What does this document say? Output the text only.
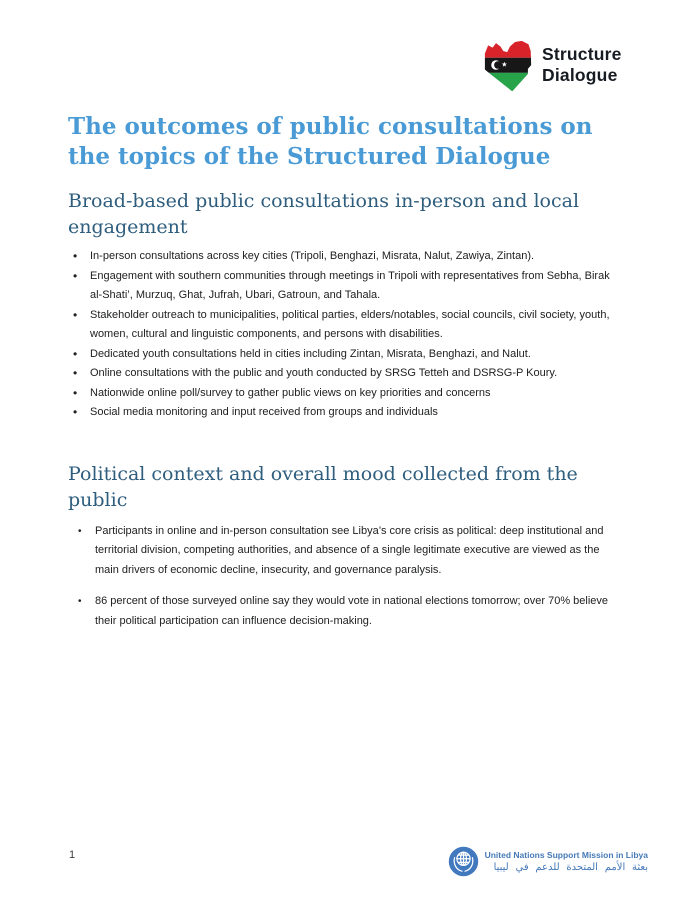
Structure
Dialogue
The outcomes of public consultations on
the topics of the Structured Dialogue
Broad-based public consultations in-person and local engagement
• In-person consultations across key cities (Tripoli, Benghazi, Misrata, Nalut, Zawiya, Zintan).
• Engagement with southern communities through meetings in Tripoli with representatives from Sebha, Birak al-Shati’, Murzuq, Ghat, Jufrah, Ubari, Gatroun, and Tahala.
• Stakeholder outreach to municipalities, political parties, elders/notables, social councils, civil society, youth, women, cultural and linguistic components, and persons with disabilities.
• Dedicated youth consultations held in cities including Zintan, Misrata, Benghazi, and Nalut.
• Online consultations with the public and youth conducted by SRSG Tetteh and DSRSG-P Koury.
• Nationwide online poll/survey to gather public views on key priorities and concerns
• Social media monitoring and input received from groups and individuals
Political context and overall mood collected from the public
• Participants in online and in-person consultation see Libya’s core crisis as political: deep institutional and territorial division, competing authorities, and absence of a single legitimate executive are viewed as the main drivers of economic decline, insecurity, and governance paralysis.
• 86 percent of those surveyed online say they would vote in national elections tomorrow; over 70% believe their political participation can influence decision-making.
1	United Nations Support Mission in Libya
بعثة الأمم المتحدة للدعم في ليبيا
